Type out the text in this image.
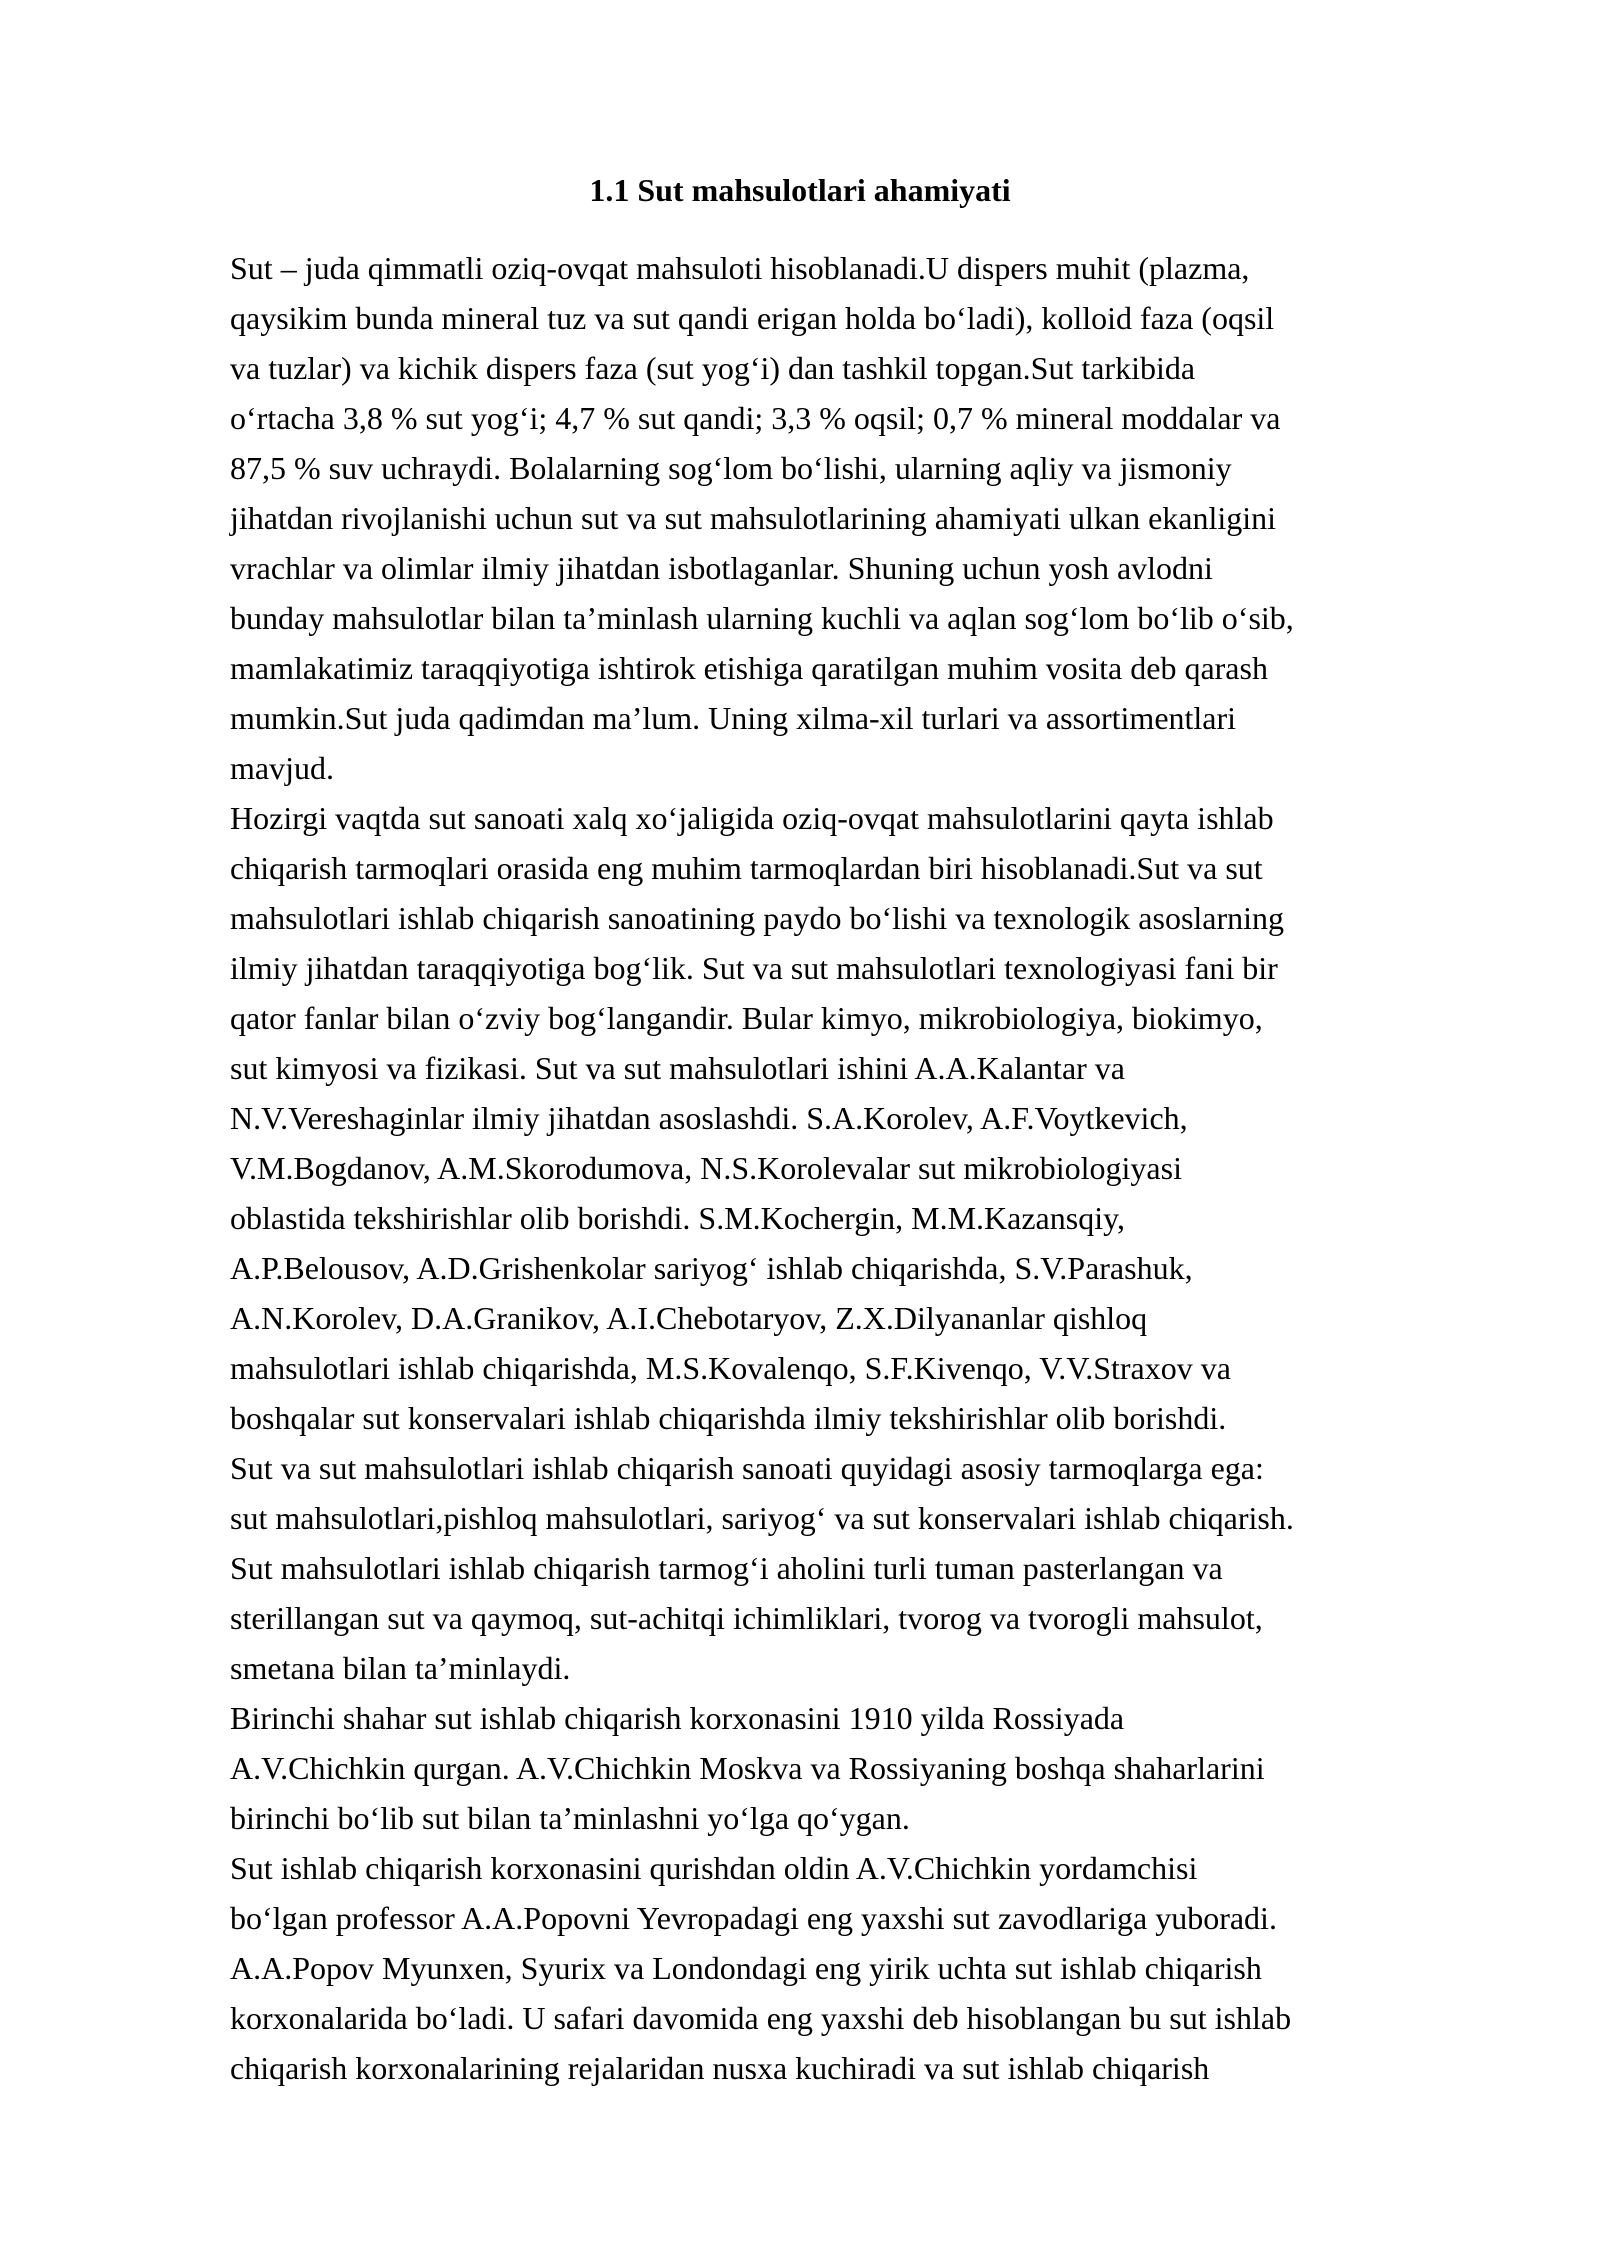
1.1 Sut mahsulotlari ahamiyati
Sut – juda qimmatli oziq-ovqat mahsuloti hisoblanadi.U dispers muhit (plazma,
qaysikim bunda mineral tuz va sut qandi erigan holda bo‘ladi), kolloid faza (oqsil
va tuzlar) va kichik dispers faza (sut yog‘i) dan tashkil topgan.Sut tarkibida
o‘rtacha 3,8 % sut yog‘i; 4,7 % sut qandi; 3,3 % oqsil; 0,7 % mineral moddalar va
87,5 % suv uchraydi. Bolalarning sog‘lom bo‘lishi, ularning aqliy va jismoniy
jihatdan rivojlanishi uchun sut va sut mahsulotlarining ahamiyati ulkan ekanligini
vrachlar va olimlar ilmiy jihatdan isbotlaganlar. Shuning uchun yosh avlodni
bunday mahsulotlar bilan ta’minlash ularning kuchli va aqlan sog‘lom bo‘lib o‘sib,
mamlakatimiz taraqqiyotiga ishtirok etishiga qaratilgan muhim vosita deb qarash
mumkin.Sut juda qadimdan ma’lum. Uning xilma-xil turlari va assortimentlari
mavjud.
Hozirgi vaqtda sut sanoati xalq xo‘jaligida oziq-ovqat mahsulotlarini qayta ishlab
chiqarish tarmoqlari orasida eng muhim tarmoqlardan biri hisoblanadi.Sut va sut
mahsulotlari ishlab chiqarish sanoatining paydo bo‘lishi va texnologik asoslarning
ilmiy jihatdan taraqqiyotiga bog‘lik. Sut va sut mahsulotlari texnologiyasi fani bir
qator fanlar bilan o‘zviy bog‘langandir. Bular kimyo, mikrobiologiya, biokimyo,
sut kimyosi va fizikasi. Sut va sut mahsulotlari ishini A.A.Kalantar va
N.V.Vereshaginlar ilmiy jihatdan asoslashdi. S.A.Korolev, A.F.Voytkevich,
V.M.Bogdanov, A.M.Skorodumova, N.S.Korolevalar sut mikrobiologiyasi
oblastida tekshirishlar olib borishdi. S.M.Kochergin, M.M.Kazansqiy,
A.P.Belousov, A.D.Grishenkolar sariyog‘ ishlab chiqarishda, S.V.Parashuk,
A.N.Korolev, D.A.Granikov, A.I.Chebotaryov, Z.X.Dilyananlar qishloq
mahsulotlari ishlab chiqarishda, M.S.Kovalenqo, S.F.Kivenqo, V.V.Straxov va
boshqalar sut konservalari ishlab chiqarishda ilmiy tekshirishlar olib borishdi.
Sut va sut mahsulotlari ishlab chiqarish sanoati quyidagi asosiy tarmoqlarga ega:
sut mahsulotlari,pishloq mahsulotlari, sariyog‘ va sut konservalari ishlab chiqarish.
Sut mahsulotlari ishlab chiqarish tarmog‘i aholini turli tuman pasterlangan va
sterillangan sut va qaymoq, sut-achitqi ichimliklari, tvorog va tvorogli mahsulot,
smetana bilan ta’minlaydi.
Birinchi shahar sut ishlab chiqarish korxonasini 1910 yilda Rossiyada
A.V.Chichkin qurgan. A.V.Chichkin Moskva va Rossiyaning boshqa shaharlarini
birinchi bo‘lib sut bilan ta’minlashni yo‘lga qo‘ygan.
Sut ishlab chiqarish korxonasini qurishdan oldin A.V.Chichkin yordamchisi
bo‘lgan professor A.A.Popovni Yevropadagi eng yaxshi sut zavodlariga yuboradi.
A.A.Popov Myunxen, Syurix va Londondagi eng yirik uchta sut ishlab chiqarish
korxonalarida bo‘ladi. U safari davomida eng yaxshi deb hisoblangan bu sut ishlab
chiqarish korxonalarining rejalaridan nusxa kuchiradi va sut ishlab chiqarish
